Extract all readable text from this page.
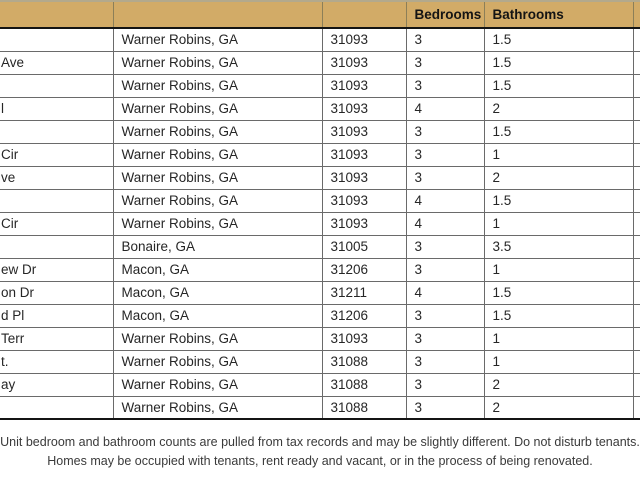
			Bedrooms	Bathrooms	
	Warner Robins, GA	31093	3	1.5	
Ave	Warner Robins, GA	31093	3	1.5	
	Warner Robins, GA	31093	3	1.5	
l	Warner Robins, GA	31093	4	2	
	Warner Robins, GA	31093	3	1.5	
Cir	Warner Robins, GA	31093	3	1	
ve	Warner Robins, GA	31093	3	2	
	Warner Robins, GA	31093	4	1.5	
Cir	Warner Robins, GA	31093	4	1	
	Bonaire, GA	31005	3	3.5	
ew Dr	Macon, GA	31206	3	1	
on Dr	Macon, GA	31211	4	1.5	
d Pl	Macon, GA	31206	3	1.5	
Terr	Warner Robins, GA	31093	3	1	
t.	Warner Robins, GA	31088	3	1	
ay	Warner Robins, GA	31088	3	2	
	Warner Robins, GA	31088	3	2	
Unit bedroom and bathroom counts are pulled from tax records and may be slightly different. Do not disturb tenants.
Homes may be occupied with tenants, rent ready and vacant, or in the process of being renovated.
